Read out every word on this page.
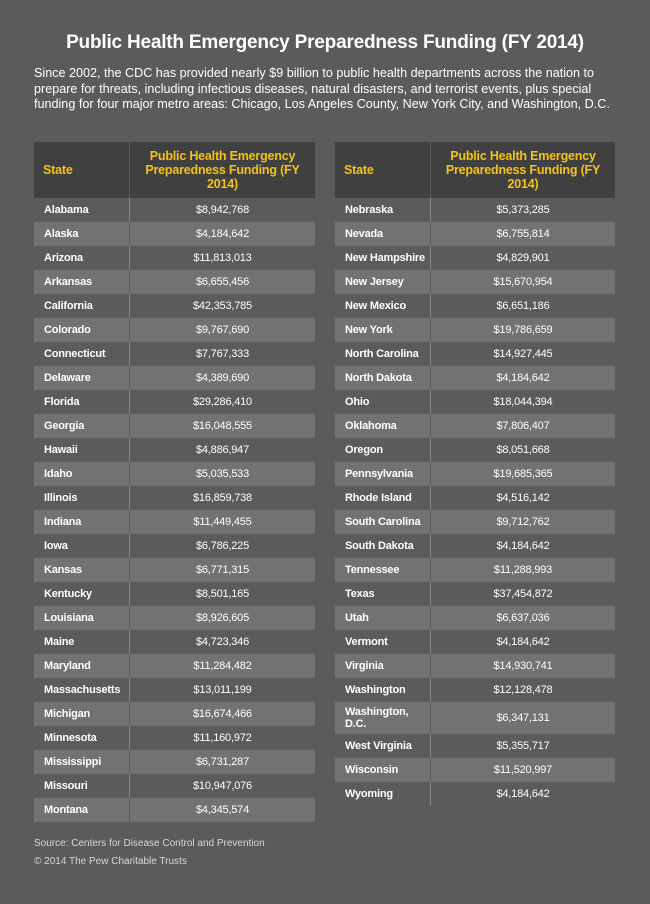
Public Health Emergency Preparedness Funding (FY 2014)
Since 2002, the CDC has provided nearly $9 billion to public health departments across the nation to prepare for threats, including infectious diseases, natural disasters, and terrorist events, plus special funding for four major metro areas: Chicago, Los Angeles County, New York City, and Washington, D.C.
State	Public Health Emergency Preparedness Funding (FY 2014)
Alabama	$8,942,768
Alaska	$4,184,642
Arizona	$11,813,013
Arkansas	$6,655,456
California	$42,353,785
Colorado	$9,767,690
Connecticut	$7,767,333
Delaware	$4,389,690
Florida	$29,286,410
Georgia	$16,048,555
Hawaii	$4,886,947
Idaho	$5,035,533
Illinois	$16,859,738
Indiana	$11,449,455
Iowa	$6,786,225
Kansas	$6,771,315
Kentucky	$8,501,165
Louisiana	$8,926,605
Maine	$4,723,346
Maryland	$11,284,482
Massachusetts	$13,011,199
Michigan	$16,674,466
Minnesota	$11,160,972
Mississippi	$6,731,287
Missouri	$10,947,076
Montana	$4,345,574
State	Public Health Emergency Preparedness Funding (FY 2014)
Nebraska	$5,373,285
Nevada	$6,755,814
New Hampshire	$4,829,901
New Jersey	$15,670,954
New Mexico	$6,651,186
New York	$19,786,659
North Carolina	$14,927,445
North Dakota	$4,184,642
Ohio	$18,044,394
Oklahoma	$7,806,407
Oregon	$8,051,668
Pennsylvania	$19,685,365
Rhode Island	$4,516,142
South Carolina	$9,712,762
South Dakota	$4,184,642
Tennessee	$11,288,993
Texas	$37,454,872
Utah	$6,637,036
Vermont	$4,184,642
Virginia	$14,930,741
Washington	$12,128,478
Washington, D.C.	$6,347,131
West Virginia	$5,355,717
Wisconsin	$11,520,997
Wyoming	$4,184,642
Source: Centers for Disease Control and Prevention
© 2014 The Pew Charitable Trusts
